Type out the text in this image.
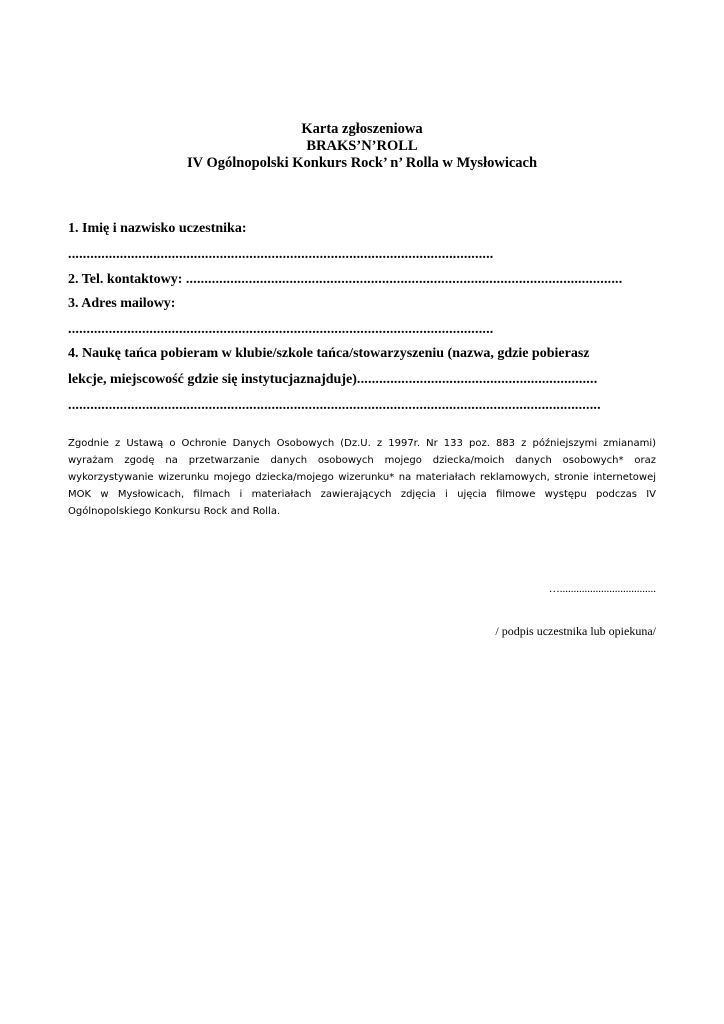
Karta zgłoszeniowa
BRAKS’N’ROLL
IV Ogólnopolski Konkurs Rock’ n’ Rolla w Mysłowicach
1. Imię i nazwisko uczestnika:
...................................................................................................................
2. Tel. kontaktowy: ......................................................................................................................
3. Adres mailowy:
...................................................................................................................
4. Naukę tańca pobieram w klubie/szkole tańca/stowarzyszeniu (nazwa, gdzie pobierasz
lekcje, miejscowość gdzie się instytucjaznajduje).................................................................
................................................................................................................................................
Zgodnie z Ustawą o Ochronie Danych Osobowych (Dz.U. z 1997r. Nr 133 poz. 883 z późniejszymi zmianami) wyrażam zgodę na przetwarzanie danych osobowych mojego dziecka/moich danych osobowych* oraz wykorzystywanie wizerunku mojego dziecka/mojego wizerunku* na materiałach reklamowych, stronie internetowej MOK w Mysłowicach, filmach i materiałach zawierających zdjęcia i ujęcia filmowe występu podczas IV Ogólnopolskiego Konkursu Rock and Rolla.
…...................................
/ podpis uczestnika lub opiekuna/
